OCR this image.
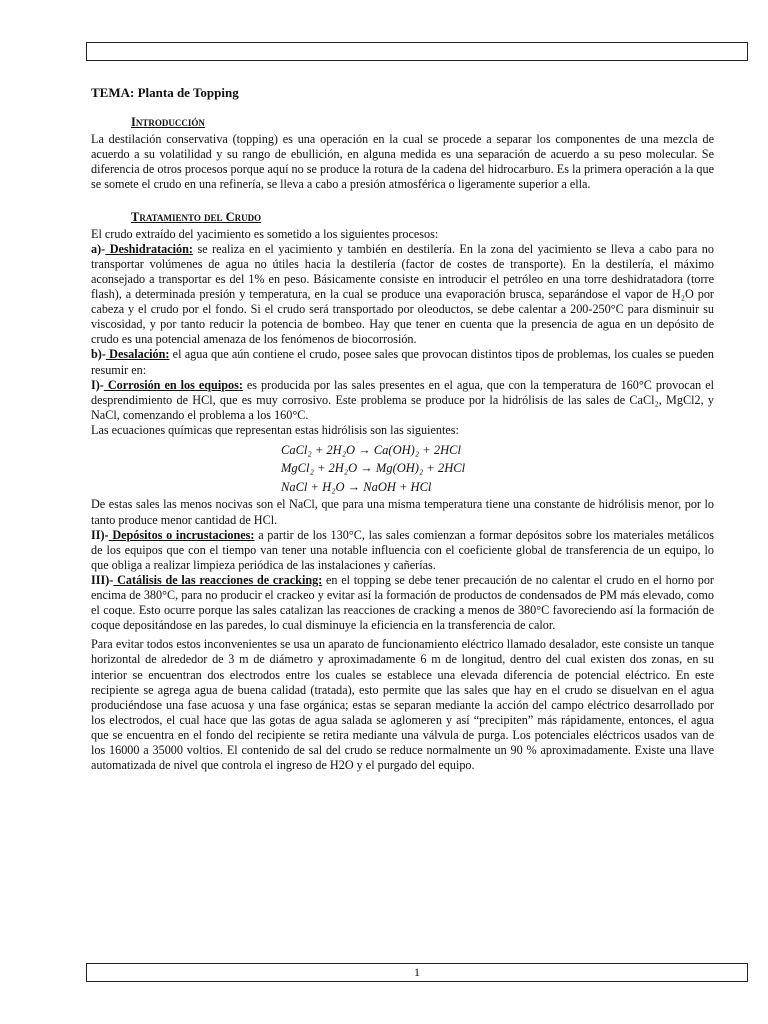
TEMA: Planta de Topping
Introducción

La destilación conservativa (topping) es una operación en la cual se procede a separar los componentes de una mezcla de acuerdo a su volatilidad y su rango de ebullición, en alguna medida es una separación de acuerdo a su peso molecular. Se diferencia de otros procesos porque aquí no se produce la rotura de la cadena del hidrocarburo. Es la primera operación a la que se somete el crudo en una refinería, se lleva a cabo a presión atmosférica o ligeramente superior a ella.

Tratamiento del Crudo

El crudo extraído del yacimiento es sometido a los siguientes procesos:

a)- Deshidratación: se realiza en el yacimiento y también en destilería. En la zona del yacimiento se lleva a cabo para no transportar volúmenes de agua no útiles hacia la destilería (factor de costes de transporte). En la destilería, el máximo aconsejado a transportar es del 1% en peso. Básicamente consiste en introducir el petróleo en una torre deshidratadora (torre flash), a determinada presión y temperatura, en la cual se produce una evaporación brusca, separándose el vapor de H₂O por cabeza y el crudo por el fondo. Si el crudo será transportado por oleoductos, se debe calentar a 200-250°C para disminuir su viscosidad, y por tanto reducir la potencia de bombeo. Hay que tener en cuenta que la presencia de agua en un depósito de crudo es una potencial amenaza de los fenómenos de biocorrosión.

b)- Desalación: el agua que aún contiene el crudo, posee sales que provocan distintos tipos de problemas, los cuales se pueden resumir en:

I)- Corrosión en los equipos: es producida por las sales presentes en el agua, que con la temperatura de 160°C provocan el desprendimiento de HCl, que es muy corrosivo. Este problema se produce por la hidrólisis de las sales de CaCl₂, MgCl2, y NaCl, comenzando el problema a los 160°C.

Las ecuaciones químicas que representan estas hidrólisis son las siguientes:

CaCl₂ + 2H₂O → Ca(OH)₂ + 2HCl
MgCl₂ + 2H₂O → Mg(OH)₂ + 2HCl
NaCl + H₂O → NaOH + HCl

De estas sales las menos nocivas son el NaCl, que para una misma temperatura tiene una constante de hidrólisis menor, por lo tanto produce menor cantidad de HCl.

II)- Depósitos o incrustaciones: a partir de los 130°C, las sales comienzan a formar depósitos sobre los materiales metálicos de los equipos que con el tiempo van tener una notable influencia con el coeficiente global de transferencia de un equipo, lo que obliga a realizar limpieza periódica de las instalaciones y cañerías.

III)- Catálisis de las reacciones de cracking: en el topping se debe tener precaución de no calentar el crudo en el horno por encima de 380°C, para no producir el crackeo y evitar así la formación de productos de condensados de PM más elevado, como el coque. Esto ocurre porque las sales catalizan las reacciones de cracking a menos de 380°C favoreciendo así la formación de coque depositándose en las paredes, lo cual disminuye la eficiencia en la transferencia de calor.

Para evitar todos estos inconvenientes se usa un aparato de funcionamiento eléctrico llamado desalador, este consiste un tanque horizontal de alrededor de 3 m de diámetro y aproximadamente 6 m de longitud, dentro del cual existen dos zonas, en su interior se encuentran dos electrodos entre los cuales se establece una elevada diferencia de potencial eléctrico. En este recipiente se agrega agua de buena calidad (tratada), esto permite que las sales que hay en el crudo se disuelvan en el agua produciéndose una fase acuosa y una fase orgánica; estas se separan mediante la acción del campo eléctrico desarrollado por los electrodos, el cual hace que las gotas de agua salada se aglomeren y así “precipiten” más rápidamente, entonces, el agua que se encuentra en el fondo del recipiente se retira mediante una válvula de purga. Los potenciales eléctricos usados van de los 16000 a 35000 voltios. El contenido de sal del crudo se reduce normalmente un 90 % aproximadamente. Existe una llave automatizada de nivel que controla el ingreso de H2O y el purgado del equipo.

1
